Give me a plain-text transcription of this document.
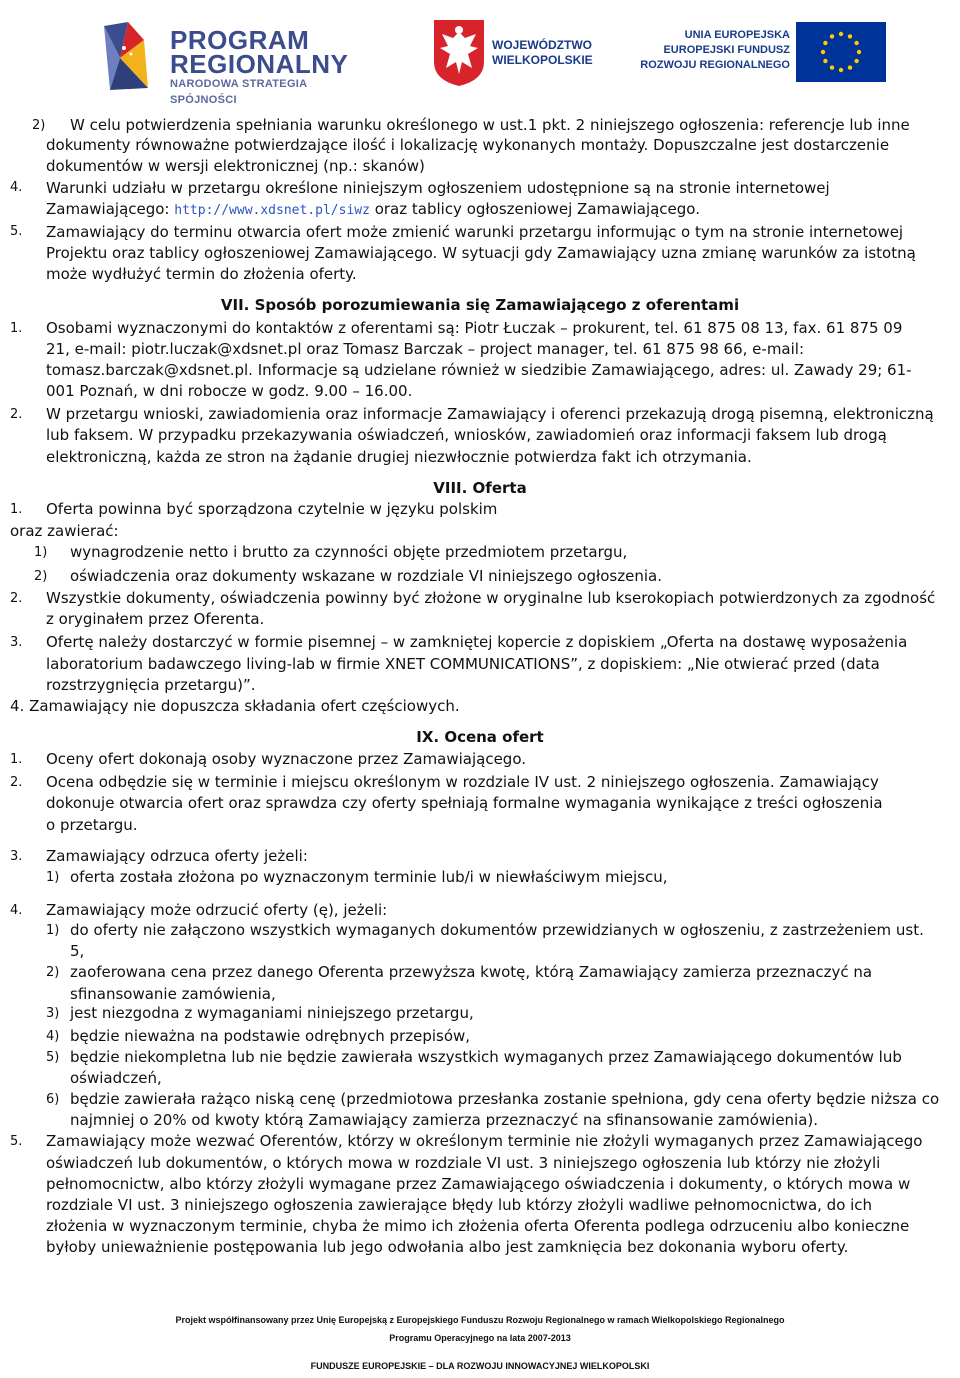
PROGRAM
REGIONALNY
NARODOWA STRATEGIA SPÓJNOŚCI
WOJEWÓDZTWO
WIELKOPOLSKIE
UNIA EUROPEJSKA
EUROPEJSKI FUNDUSZ
ROZWOJU REGIONALNEGO
2) W celu potwierdzenia spełniania warunku określonego w ust.1 pkt. 2 niniejszego ogłoszenia: referencje lub inne
dokumenty równoważne potwierdzające ilość i lokalizację wykonanych montaży. Dopuszczalne jest dostarczenie
dokumentów w wersji elektronicznej (np.: skanów)
4. Warunki udziału w przetargu określone niniejszym ogłoszeniem udostępnione są na stronie internetowej
Zamawiającego: http://www.xdsnet.pl/siwz oraz tablicy ogłoszeniowej Zamawiającego.
5. Zamawiający do terminu otwarcia ofert może zmienić warunki przetargu informując o tym na stronie internetowej
Projektu oraz tablicy ogłoszeniowej Zamawiającego. W sytuacji gdy Zamawiający uzna zmianę warunków za istotną
może wydłużyć termin do złożenia oferty.
VII. Sposób porozumiewania się Zamawiającego z oferentami
1. Osobami wyznaczonymi do kontaktów z oferentami są: Piotr Łuczak – prokurent, tel. 61 875 08 13, fax. 61 875 09
21, e-mail: piotr.luczak@xdsnet.pl oraz Tomasz Barczak – project manager, tel. 61 875 98 66, e-mail:
tomasz.barczak@xdsnet.pl. Informacje są udzielane również w siedzibie Zamawiającego, adres: ul. Zawady 29; 61-
001 Poznań, w dni robocze w godz. 9.00 – 16.00.
2. W przetargu wnioski, zawiadomienia oraz informacje Zamawiający i oferenci przekazują drogą pisemną, elektroniczną
lub faksem. W przypadku przekazywania oświadczeń, wniosków, zawiadomień oraz informacji faksem lub drogą
elektroniczną, każda ze stron na żądanie drugiej niezwłocznie potwierdza fakt ich otrzymania.
VIII. Oferta
1. Oferta powinna być sporządzona czytelnie w języku polskim
oraz zawierać:
1) wynagrodzenie netto i brutto za czynności objęte przedmiotem przetargu,
2) oświadczenia oraz dokumenty wskazane w rozdziale VI niniejszego ogłoszenia.
2. Wszystkie dokumenty, oświadczenia powinny być złożone w oryginalne lub kserokopiach potwierdzonych za zgodność
z oryginałem przez Oferenta.
3. Ofertę należy dostarczyć w formie pisemnej – w zamkniętej kopercie z dopiskiem „Oferta na dostawę wyposażenia
laboratorium badawczego living-lab w firmie XNET COMMUNICATIONS”, z dopiskiem: „Nie otwierać przed (data
rozstrzygnięcia przetargu)”.
4. Zamawiający nie dopuszcza składania ofert częściowych.
IX. Ocena ofert
1. Oceny ofert dokonają osoby wyznaczone przez Zamawiającego.
2. Ocena odbędzie się w terminie i miejscu określonym w rozdziale IV ust. 2 niniejszego ogłoszenia. Zamawiający
dokonuje otwarcia ofert oraz sprawdza czy oferty spełniają formalne wymagania wynikające z treści ogłoszenia
o przetargu.
3. Zamawiający odrzuca oferty jeżeli:
1) oferta została złożona po wyznaczonym terminie lub/i w niewłaściwym miejscu,
4. Zamawiający może odrzucić oferty (ę), jeżeli:
1) do oferty nie załączono wszystkich wymaganych dokumentów przewidzianych w ogłoszeniu, z zastrzeżeniem ust.
5,
2) zaoferowana cena przez danego Oferenta przewyższa kwotę, którą Zamawiający zamierza przeznaczyć na
sfinansowanie zamówienia,
3) jest niezgodna z wymaganiami niniejszego przetargu,
4) będzie nieważna na podstawie odrębnych przepisów,
5) będzie niekompletna lub nie będzie zawierała wszystkich wymaganych przez Zamawiającego dokumentów lub
oświadczeń,
6) będzie zawierała rażąco niską cenę (przedmiotowa przesłanka zostanie spełniona, gdy cena oferty będzie niższa co
najmniej o 20% od kwoty którą Zamawiający zamierza przeznaczyć na sfinansowanie zamówienia).
5. Zamawiający może wezwać Oferentów, którzy w określonym terminie nie złożyli wymaganych przez Zamawiającego
oświadczeń lub dokumentów, o których mowa w rozdziale VI ust. 3 niniejszego ogłoszenia lub którzy nie złożyli
pełnomocnictw, albo którzy złożyli wymagane przez Zamawiającego oświadczenia i dokumenty, o których mowa w
rozdziale VI ust. 3 niniejszego ogłoszenia zawierające błędy lub którzy złożyli wadliwe pełnomocnictwa, do ich
złożenia w wyznaczonym terminie, chyba że mimo ich złożenia oferta Oferenta podlega odrzuceniu albo konieczne
byłoby unieważnienie postępowania lub jego odwołania albo jest zamknięcia bez dokonania wyboru oferty.
Projekt współfinansowany przez Unię Europejską z Europejskiego Funduszu Rozwoju Regionalnego w ramach Wielkopolskiego Regionalnego
Programu Operacyjnego na lata 2007-2013
FUNDUSZE EUROPEJSKIE – DLA ROZWOJU INNOWACYJNEJ WIELKOPOLSKI
